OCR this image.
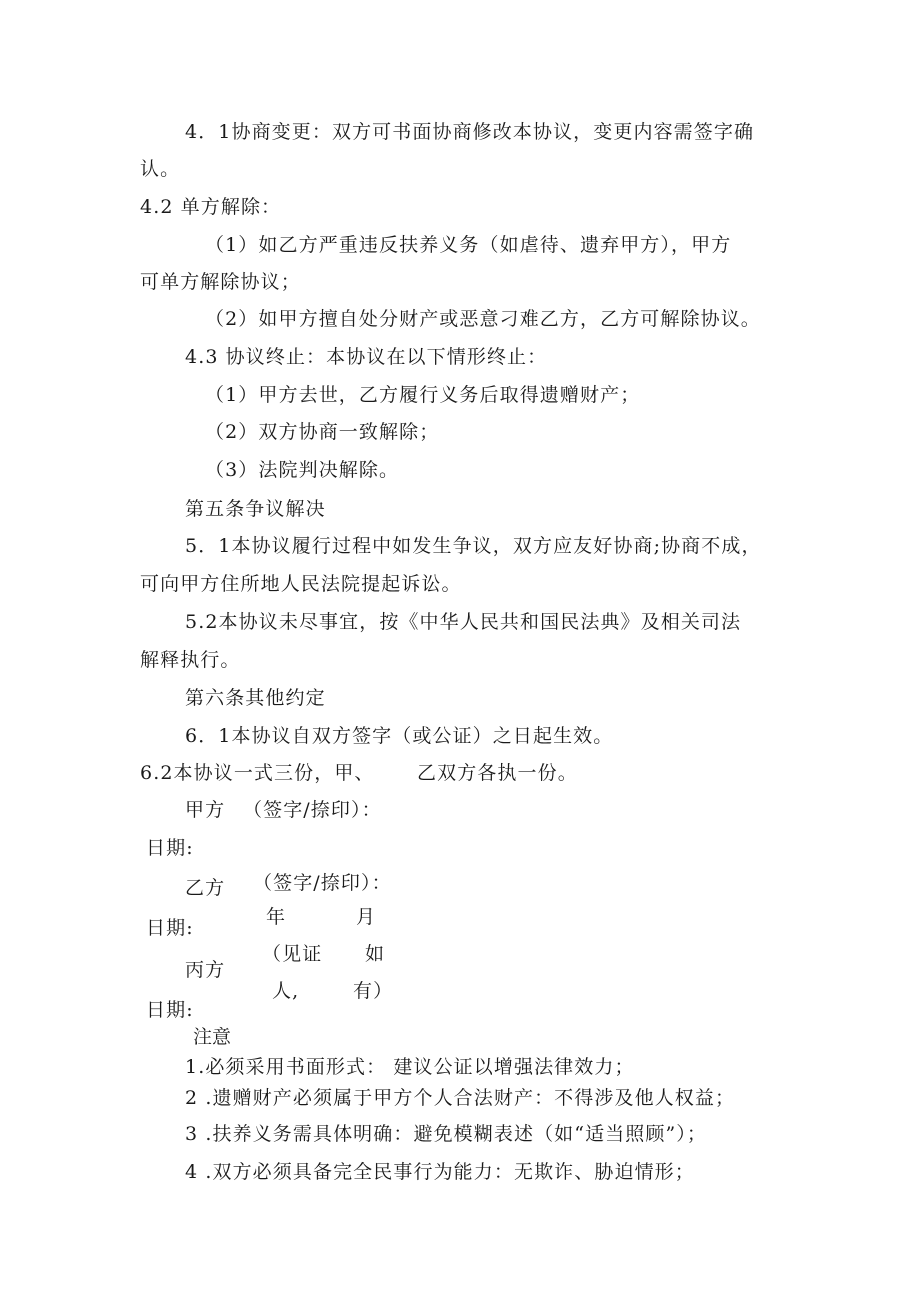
4．1协商变更：双方可书面协商修改本协议，变更内容需签字确
认。
4.2 单方解除：
（1）如乙方严重违反扶养义务（如虐待、遗弃甲方），甲方
可单方解除协议；
（2）如甲方擅自处分财产或恶意刁难乙方，乙方可解除协议。
4.3 协议终止：本协议在以下情形终止：
（1）甲方去世，乙方履行义务后取得遗赠财产；
（2）双方协商一致解除；
（3）法院判决解除。
第五条争议解决
5．1本协议履行过程中如发生争议，双方应友好协商;协商不成，
可向甲方住所地人民法院提起诉讼。
5.2本协议未尽事宜，按《中华人民共和国民法典》及相关司法
解释执行。
第六条其他约定
6．1本协议自双方签字（或公证）之日起生效。
6.2本协议一式三份，甲、 乙双方各执一份。
甲方 （签字/捺印）：
日期:
（签字/捺印）：
乙方
年	月
日期:
（见证 如
丙方
人,	有）
日期:
注意
1.必须采用书面形式： 建议公证以增强法律效力；
2 .遗赠财产必须属于甲方个人合法财产：不得涉及他人权益；
3 .扶养义务需具体明确：避免模糊表述（如“适当照顾”）；
4 .双方必须具备完全民事行为能力：无欺诈、胁迫情形；
